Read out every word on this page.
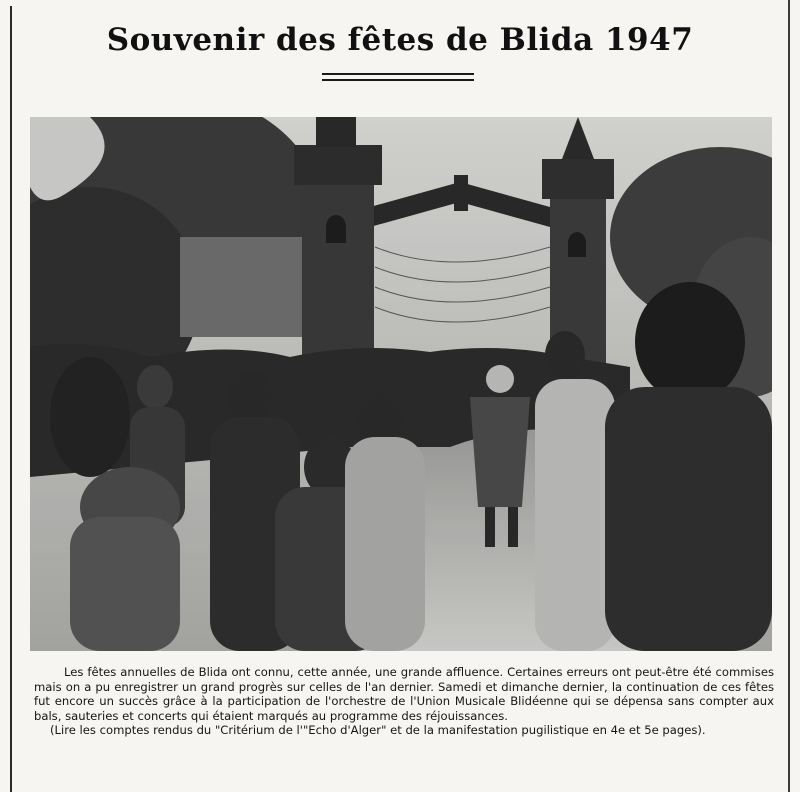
Souvenir des fêtes de Blida 1947

Les fêtes annuelles de Blida ont connu, cette année, une grande affluence. Certaines erreurs ont peut-être été commises mais on a pu enregistrer un grand progrès sur celles de l'an dernier. Samedi et dimanche dernier, la continuation de ces fêtes fut encore un succès grâce à la participation de l'orchestre de l'Union Musicale Blidéenne qui se dépensa sans compter aux bals, sauteries et concerts qui étaient marqués au programme des réjouissances.

(Lire les comptes rendus du "Critérium de l'"Echo d'Alger" et de la manifestation pugilistique en 4e et 5e pages).
